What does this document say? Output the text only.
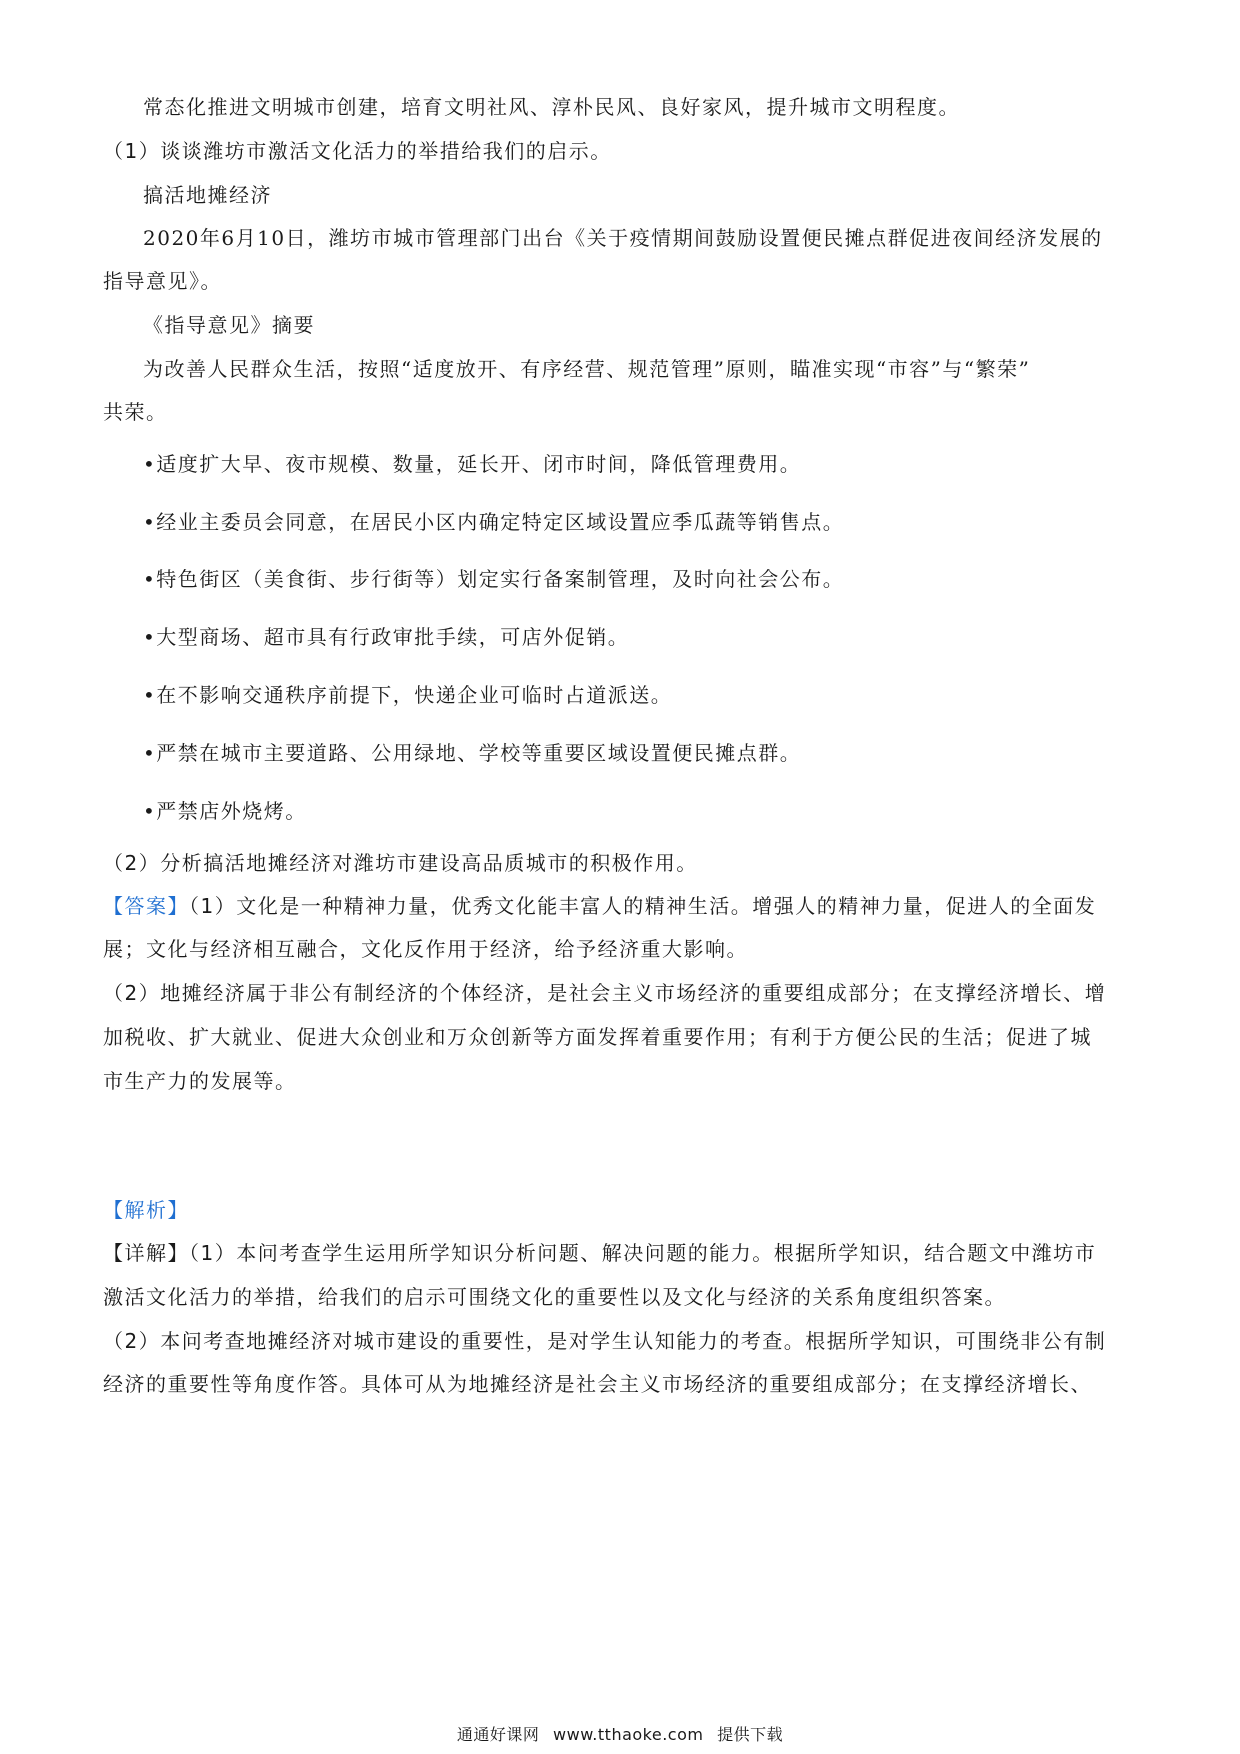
常态化推进文明城市创建，培育文明社风、淳朴民风、良好家风，提升城市文明程度。
（1）谈谈潍坊市激活文化活力的举措给我们的启示。
搞活地摊经济
2020年6月10日，潍坊市城市管理部门出台《关于疫情期间鼓励设置便民摊点群促进夜间经济发展的
指导意见》。
《指导意见》摘要
为改善人民群众生活，按照“适度放开、有序经营、规范管理”原则，瞄准实现“市容”与“繁荣”
共荣。
•适度扩大早、夜市规模、数量，延长开、闭市时间，降低管理费用。
•经业主委员会同意，在居民小区内确定特定区域设置应季瓜蔬等销售点。
•特色街区（美食街、步行街等）划定实行备案制管理，及时向社会公布。
•大型商场、超市具有行政审批手续，可店外促销。
•在不影响交通秩序前提下，快递企业可临时占道派送。
•严禁在城市主要道路、公用绿地、学校等重要区域设置便民摊点群。
•严禁店外烧烤。
（2）分析搞活地摊经济对潍坊市建设高品质城市的积极作用。
【答案】（1）文化是一种精神力量，优秀文化能丰富人的精神生活。增强人的精神力量，促进人的全面发
展；文化与经济相互融合，文化反作用于经济，给予经济重大影响。
（2）地摊经济属于非公有制经济的个体经济，是社会主义市场经济的重要组成部分；在支撑经济增长、增
加税收、扩大就业、促进大众创业和万众创新等方面发挥着重要作用；有利于方便公民的生活；促进了城
市生产力的发展等。
【解析】
【详解】（1）本问考查学生运用所学知识分析问题、解决问题的能力。根据所学知识，结合题文中潍坊市
激活文化活力的举措，给我们的启示可围绕文化的重要性以及文化与经济的关系角度组织答案。
（2）本问考查地摊经济对城市建设的重要性，是对学生认知能力的考查。根据所学知识，可围绕非公有制
经济的重要性等角度作答。具体可从为地摊经济是社会主义市场经济的重要组成部分；在支撑经济增长、
通通好课网 www.tthaoke.com 提供下载
